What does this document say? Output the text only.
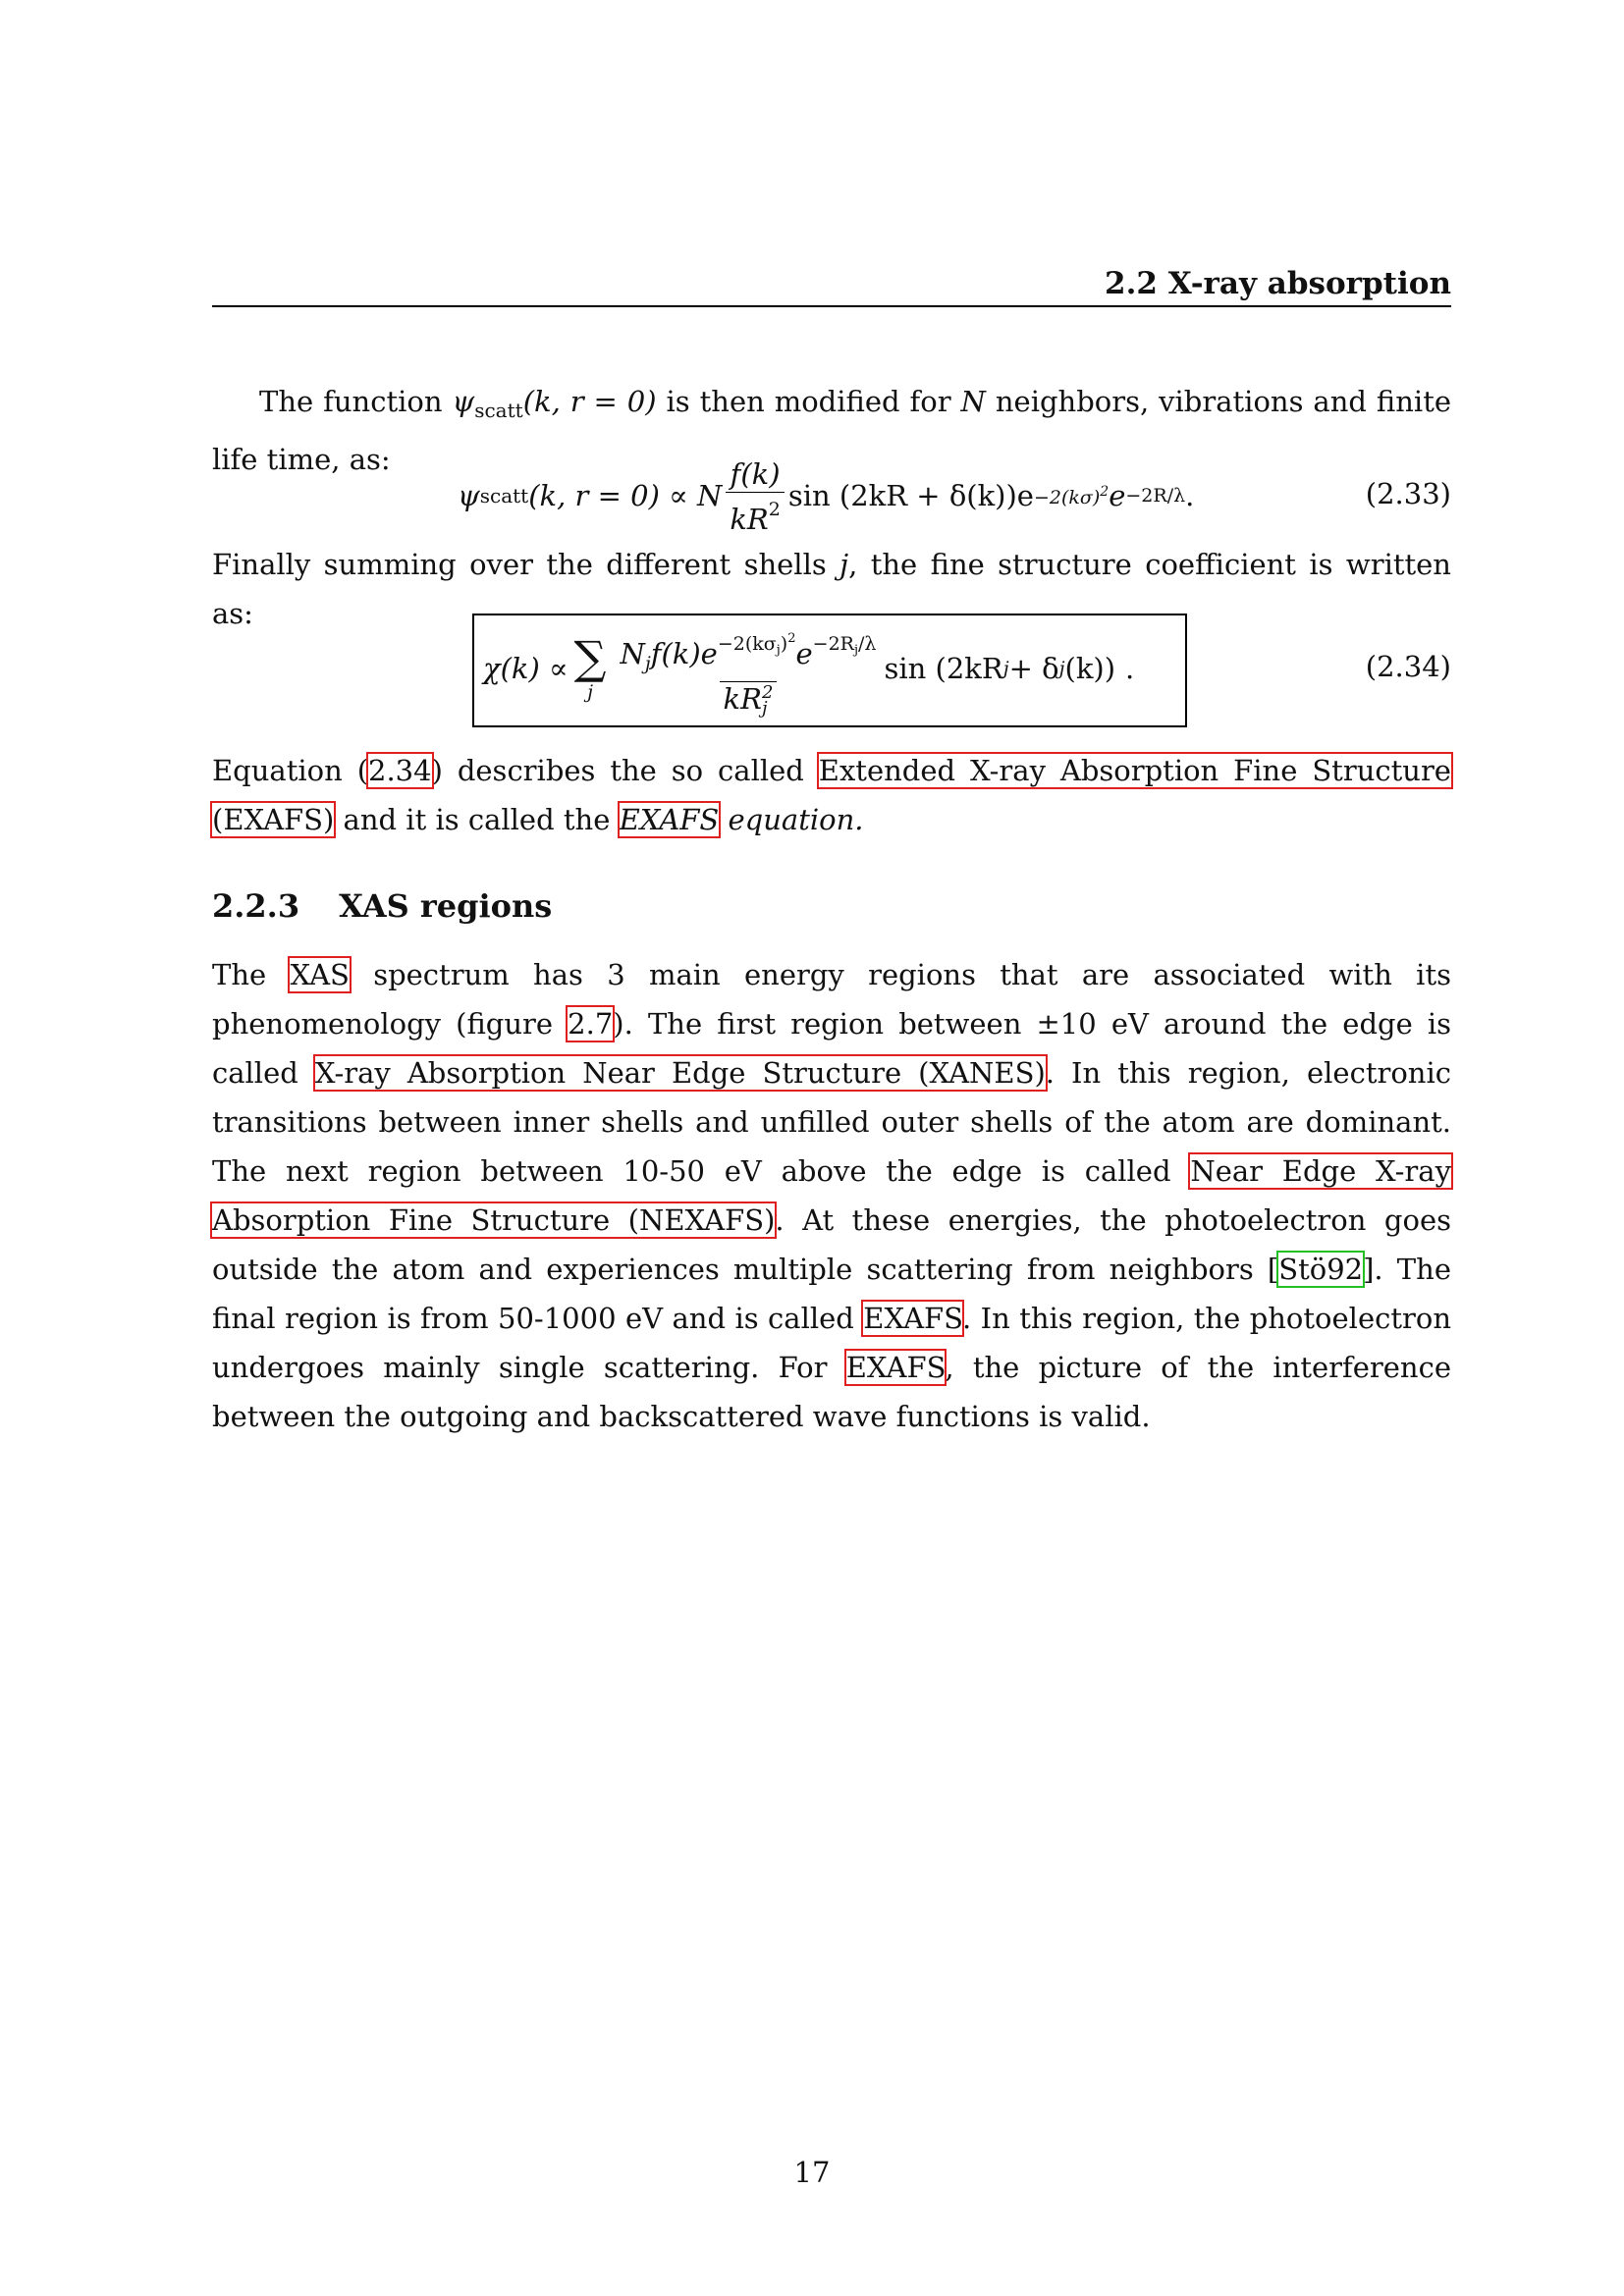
2.2 X-ray absorption

The function $\psi_{scatt}(k$, r = 0) is then modified for N neighbors, vibrations and finite life time, as:

ψ scatt (k, r = 0) ∝ N $\frac{f(k)}{kR^2}$ $\sin (2kR + \delta(k))e -2(k\sigma)^2$ e −2R/λ .	(2.33)

Finally summing over the different shells j, the fine structure coefficient is written as:

χ(k) ∝ ∑
j $N_jf(k)e^{-2(k\sigma_j)^2}e^{-2R_j/\lambda}$
kR 2
j sin (2kR j + δ j (k)) .	(2.34)

Equation (2.34) describes the so called Extended X-ray Absorption Fine Structure (EXAFS) and it is called the EXAFS equation.

2.2.3 XAS regions

The XAS spectrum has 3 main energy regions that are associated with its phenomenology (figure 2.7). The first region between ±10 eV around the edge is called X-ray Absorption Near Edge Structure (XANES). In this region, electronic transitions between inner shells and unfilled outer shells of the atom are dominant. The next region between 10-50 eV above the edge is called Near Edge X-ray Absorption Fine Structure (NEXAFS). At these energies, the photoelectron goes outside the atom and experiences multiple scattering from neighbors [Stö92]. The final region is from 50-1000 eV and is called EXAFS. In this region, the photoelectron undergoes mainly single scattering. For EXAFS, the picture of the interference between the outgoing and backscattered wave functions is valid.

17
